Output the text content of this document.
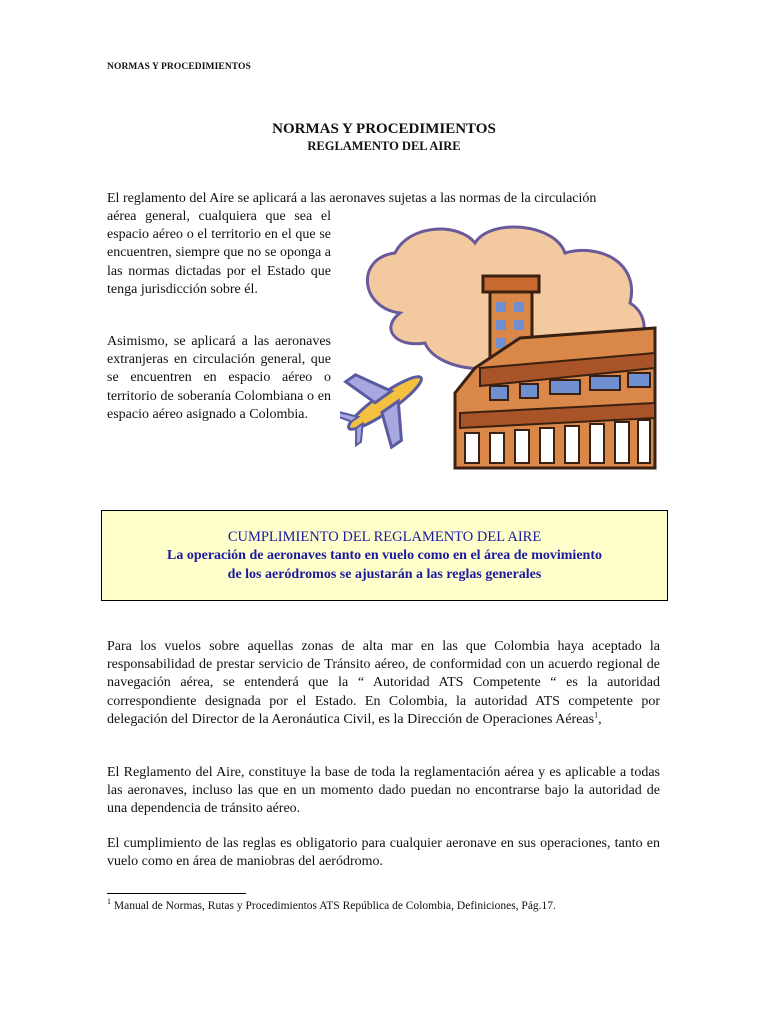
NORMAS Y PROCEDIMIENTOS
NORMAS Y PROCEDIMIENTOS
REGLAMENTO DEL AIRE
El reglamento del Aire se aplicará a las aeronaves sujetas a las normas de la circulación
aérea general, cualquiera que sea el espacio aéreo o el territorio en el que se encuentren, siempre que no se oponga a las normas dictadas por el Estado que tenga jurisdicción sobre él.
Asimismo, se aplicará a las aeronaves extranjeras en circulación general, que se encuentren en espacio aéreo o territorio de soberanía Colombiana o en espacio aéreo asignado a Colombia.
CUMPLIMIENTO DEL REGLAMENTO DEL AIRE
La operación de aeronaves tanto en vuelo como en el área de movimiento
de los aeródromos se ajustarán a las reglas generales
Para los vuelos sobre aquellas zonas de alta mar en las que Colombia haya aceptado la responsabilidad de prestar servicio de Tránsito aéreo, de conformidad con un acuerdo regional de navegación aérea, se entenderá que la “ Autoridad ATS Competente “ es la autoridad correspondiente designada por el Estado. En Colombia, la autoridad ATS competente por delegación del Director de la Aeronáutica Civil, es la Dirección de Operaciones Aéreas$^1$,
El Reglamento del Aire, constituye la base de toda la reglamentación aérea y es aplicable a todas las aeronaves, incluso las que en un momento dado puedan no encontrarse bajo la autoridad de una dependencia de tránsito aéreo.
El cumplimiento de las reglas es obligatorio para cualquier aeronave en sus operaciones, tanto en vuelo como en área de maniobras del aeródromo.
$^1$ Manual de Normas, Rutas y Procedimientos ATS República de Colombia, Definiciones, Pág.17.
